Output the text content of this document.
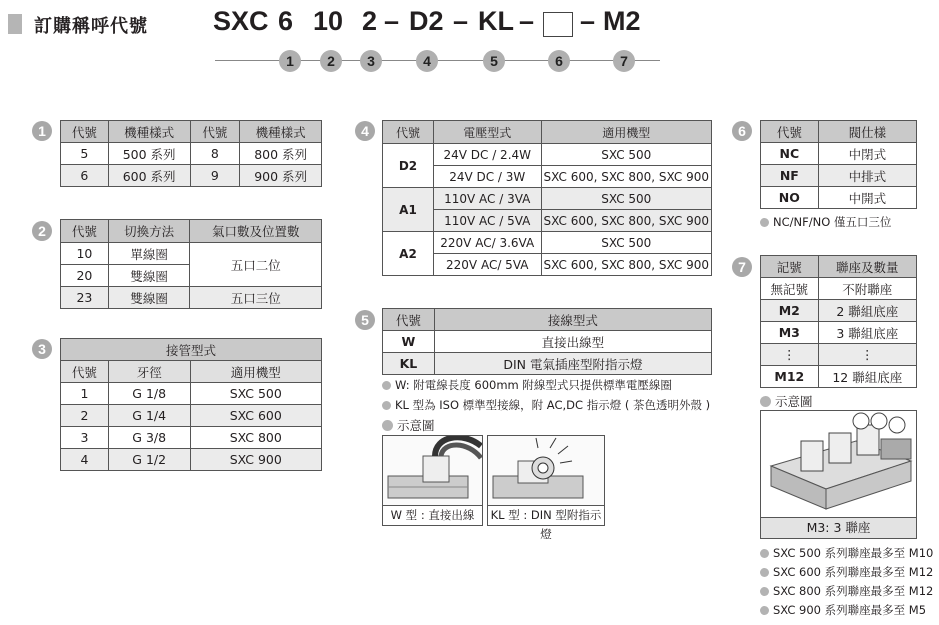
訂購稱呼代號 SXC 6 10 2 – D2 – KL – – M2
1	2	3	4	5	6	7
1	代號	機種樣式	代號	機種樣式
5	500 系列	8	800 系列
6	600 系列	9	900 系列
2	代號	切換方法	氣口數及位置數
10	單線圈	五口二位
20	雙線圈	
23	雙線圈	五口三位
3	接管型式		
代號	牙徑	適用機型
1	G 1/8	SXC 500
2	G 1/4	SXC 600
3	G 3/8	SXC 800
4	G 1/2	SXC 900
4	代號	電壓型式	適用機型
D2	24V DC / 2.4W	SXC 500
	24V DC / 3W	SXC 600, SXC 800, SXC 900
A1	110V AC / 3VA	SXC 500
	110V AC / 5VA	SXC 600, SXC 800, SXC 900
A2	220V AC/ 3.6VA	SXC 500
	220V AC/ 5VA	SXC 600, SXC 800, SXC 900
5	代號	接線型式
W	直接出線型
KL	DIN 電氣插座型附指示燈
W: 附電線長度 600mm 附線型式只提供標準電壓線圈
KL 型為 ISO 標準型接線，附 AC,DC 指示燈 ( 茶色透明外殼 )
示意圖
W 型 : 直接出線	KL 型 : DIN 型附指示燈
6	代號	閥仕樣
NC	中閉式
NF	中排式
NO	中開式
NC/NF/NO 僅五口三位
7	記號	聯座及數量
無記號	不附聯座
M2	2 聯組底座
M3	3 聯組底座
⋮	⋮
M12	12 聯組底座
示意圖
M3: 3 聯座
SXC 500 系列聯座最多至 M10
SXC 600 系列聯座最多至 M12
SXC 800 系列聯座最多至 M12
SXC 900 系列聯座最多至 M5
